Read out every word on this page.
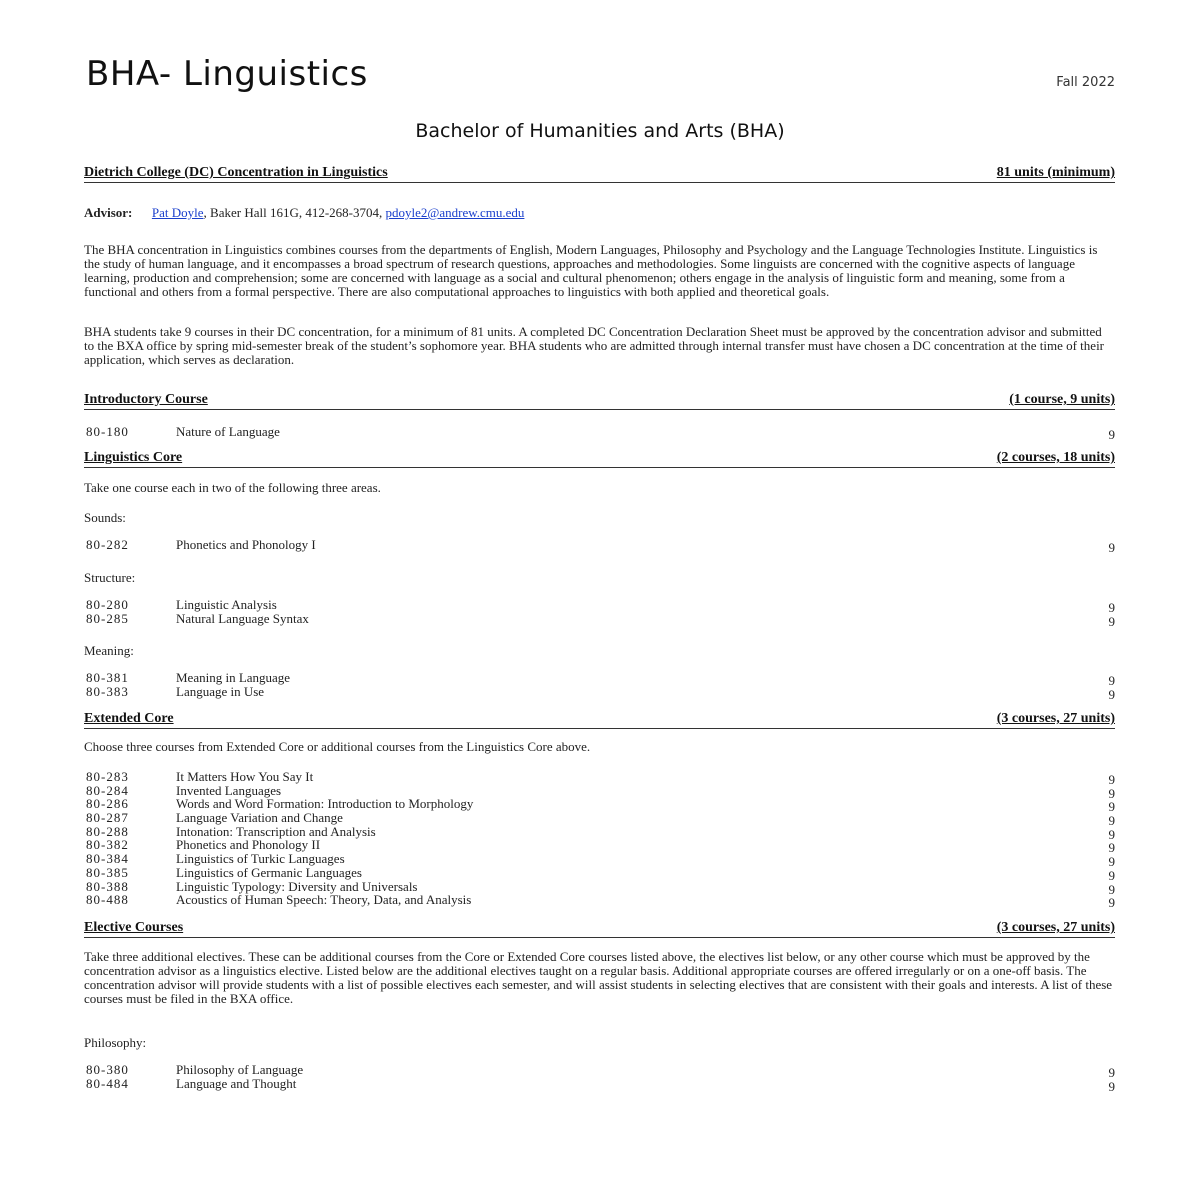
BHA- Linguistics	Fall 2022
Bachelor of Humanities and Arts (BHA)
Dietrich College (DC) Concentration in Linguistics	81 units (minimum)
Advisor: Pat Doyle, Baker Hall 161G, 412-268-3704, pdoyle2@andrew.cmu.edu
The BHA concentration in Linguistics combines courses from the departments of English, Modern Languages, Philosophy and Psychology and the Language Technologies Institute. Linguistics is the study of human language, and it encompasses a broad spectrum of research questions, approaches and methodologies. Some linguists are concerned with the cognitive aspects of language learning, production and comprehension; some are concerned with language as a social and cultural phenomenon; others engage in the analysis of linguistic form and meaning, some from a functional and others from a formal perspective. There are also computational approaches to linguistics with both applied and theoretical goals.
BHA students take 9 courses in their DC concentration, for a minimum of 81 units. A completed DC Concentration Declaration Sheet must be approved by the concentration advisor and submitted to the BXA office by spring mid-semester break of the student’s sophomore year. BHA students who are admitted through internal transfer must have chosen a DC concentration at the time of their application, which serves as declaration.
Introductory Course	(1 course, 9 units)
80-180	Nature of Language	9
Linguistics Core	(2 courses, 18 units)
Take one course each in two of the following three areas.
Sounds:
80-282	Phonetics and Phonology I	9
Structure:
80-280	Linguistic Analysis	9
80-285	Natural Language Syntax	9
Meaning:
80-381	Meaning in Language	9
80-383	Language in Use	9
Extended Core	(3 courses, 27 units)
Choose three courses from Extended Core or additional courses from the Linguistics Core above.
80-283	It Matters How You Say It	9
80-284	Invented Languages	9
80-286	Words and Word Formation: Introduction to Morphology	9
80-287	Language Variation and Change	9
80-288	Intonation: Transcription and Analysis	9
80-382	Phonetics and Phonology II	9
80-384	Linguistics of Turkic Languages	9
80-385	Linguistics of Germanic Languages	9
80-388	Linguistic Typology: Diversity and Universals	9
80-488	Acoustics of Human Speech: Theory, Data, and Analysis	9
Elective Courses	(3 courses, 27 units)
Take three additional electives. These can be additional courses from the Core or Extended Core courses listed above, the electives list below, or any other course which must be approved by the concentration advisor as a linguistics elective. Listed below are the additional electives taught on a regular basis. Additional appropriate courses are offered irregularly or on a one-off basis. The concentration advisor will provide students with a list of possible electives each semester, and will assist students in selecting electives that are consistent with their goals and interests. A list of these courses must be filed in the BXA office.
Philosophy:
80-380	Philosophy of Language	9
80-484	Language and Thought	9
